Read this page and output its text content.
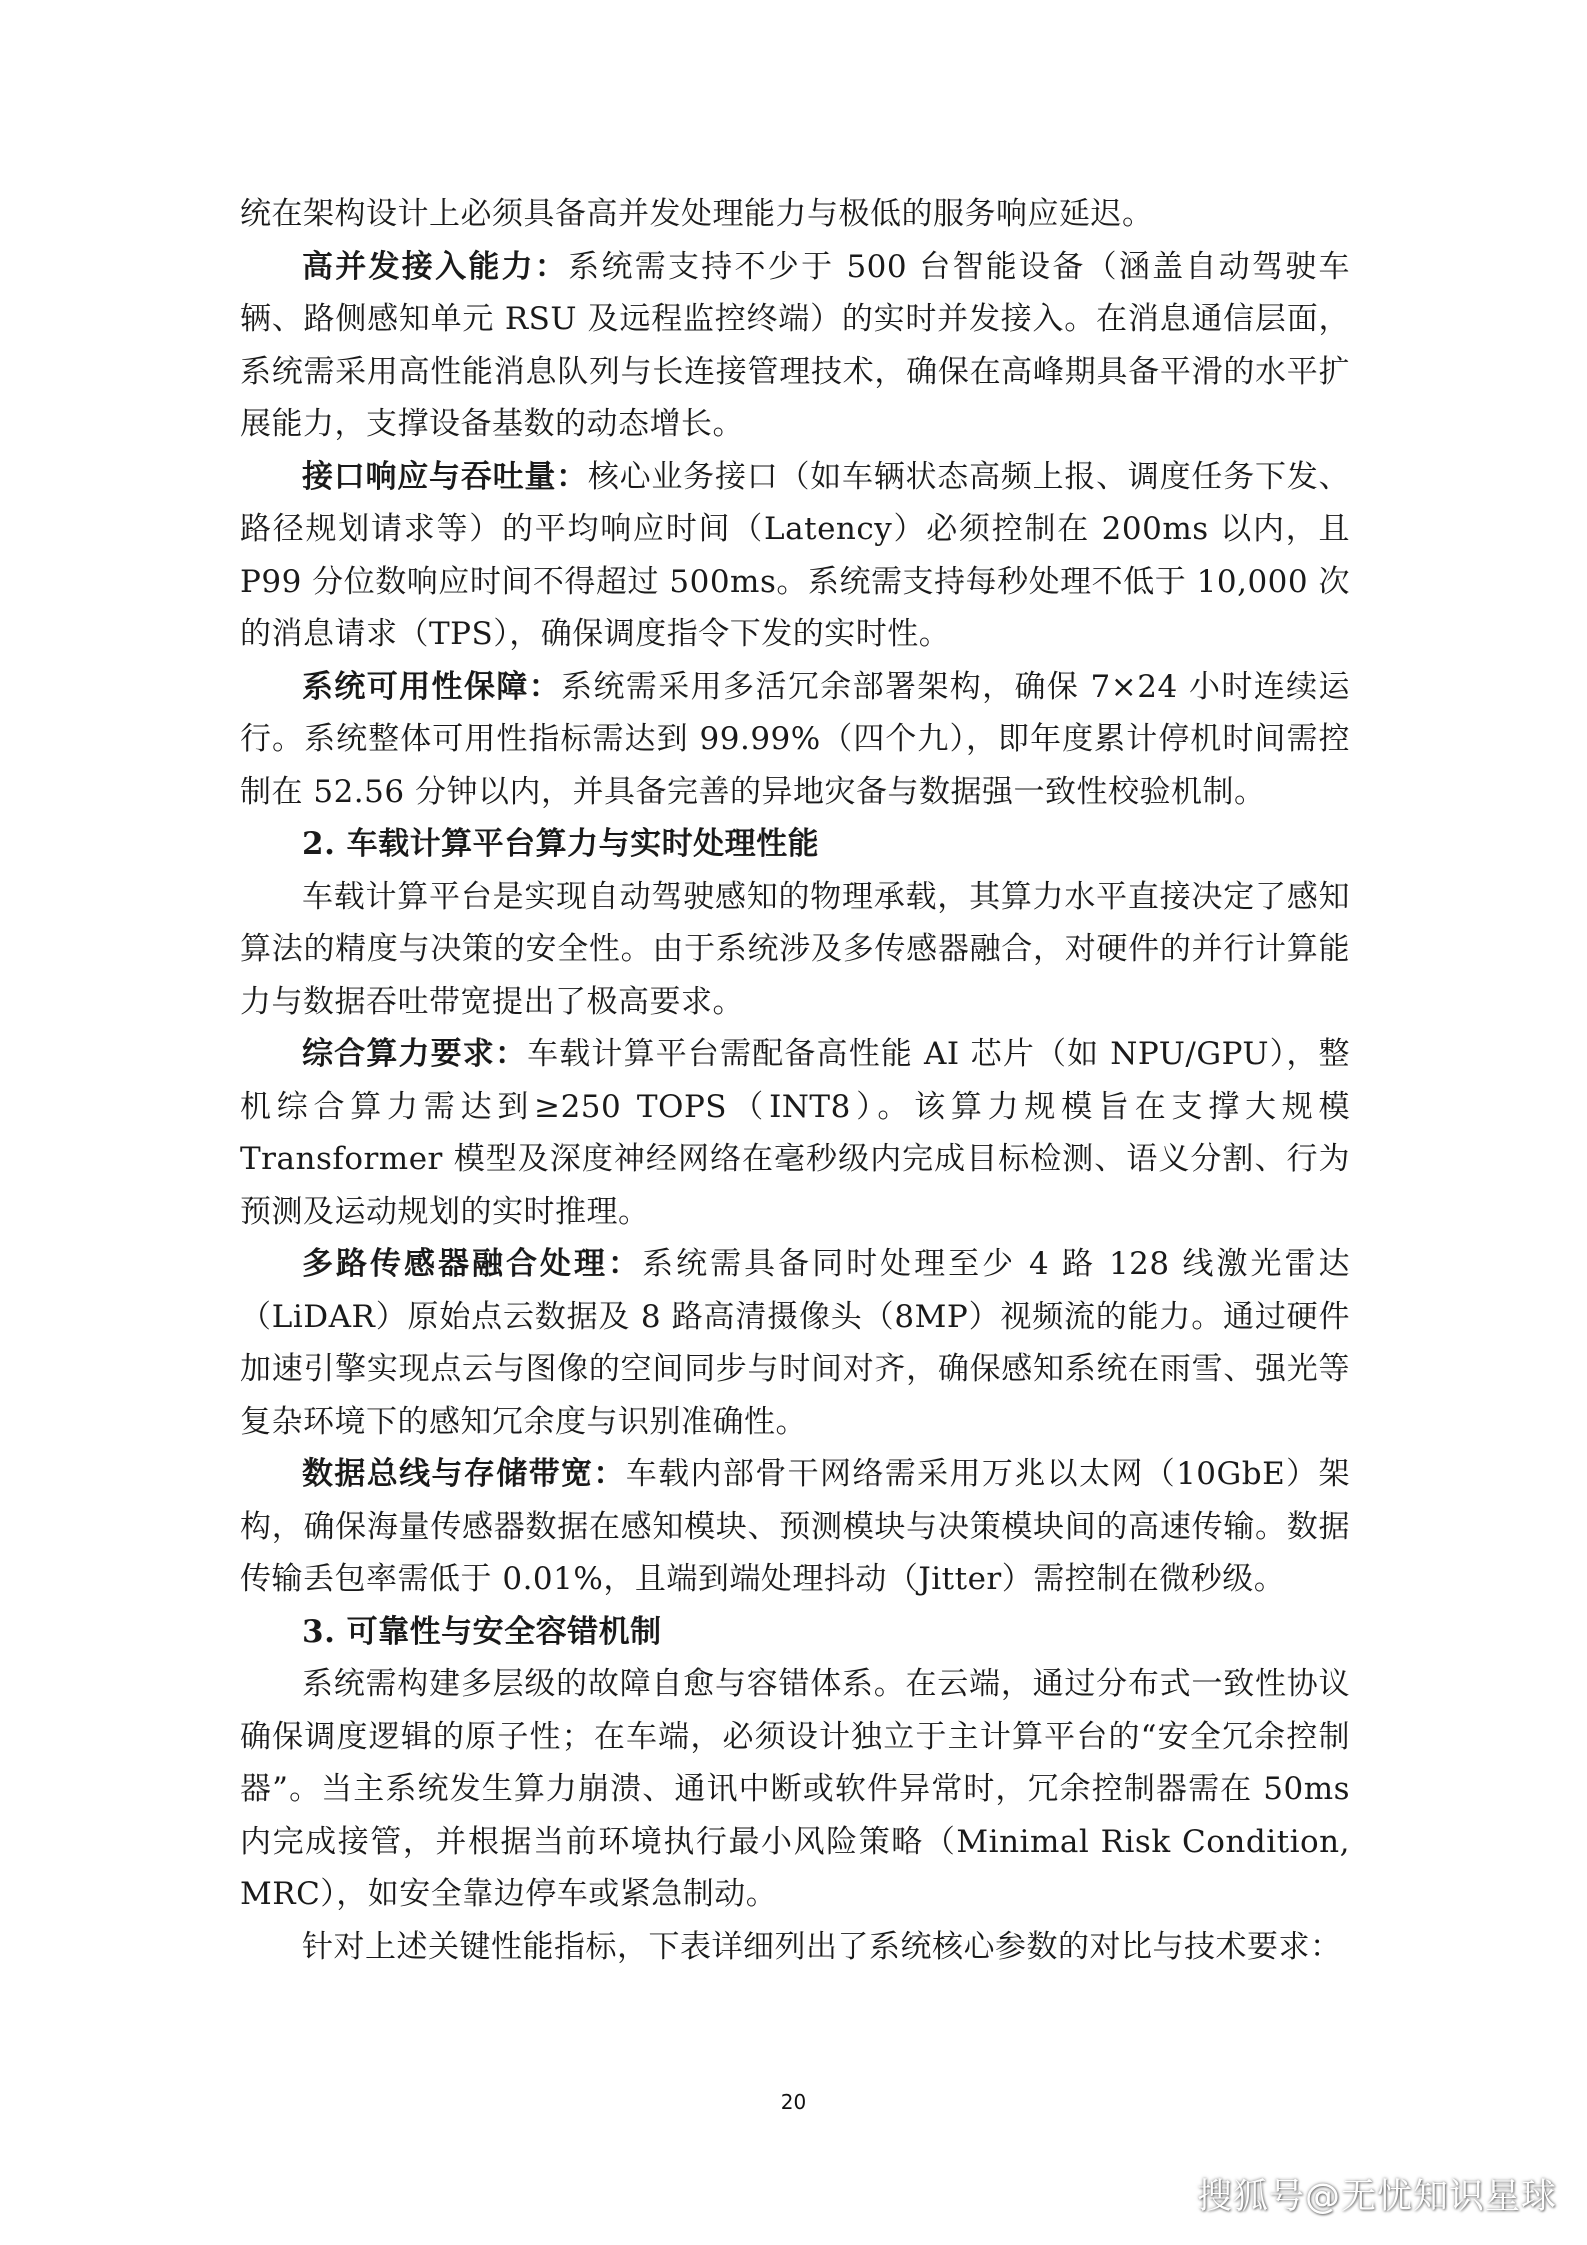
统在架构设计上必须具备高并发处理能力与极低的服务响应延迟。

高并发接入能力：系统需支持不少于 500 台智能设备（涵盖自动驾驶车辆、路侧感知单元 RSU 及远程监控终端）的实时并发接入。在消息通信层面，系统需采用高性能消息队列与长连接管理技术，确保在高峰期具备平滑的水平扩展能力，支撑设备基数的动态增长。

接口响应与吞吐量：核心业务接口（如车辆状态高频上报、调度任务下发、路径规划请求等）的平均响应时间（Latency）必须控制在 200ms 以内，且 P99 分位数响应时间不得超过 500ms。系统需支持每秒处理不低于 10,000 次的消息请求（TPS），确保调度指令下发的实时性。

系统可用性保障：系统需采用多活冗余部署架构，确保 7×24 小时连续运行。系统整体可用性指标需达到 99.99%（四个九），即年度累计停机时间需控制在 52.56 分钟以内，并具备完善的异地灾备与数据强一致性校验机制。

2. 车载计算平台算力与实时处理性能

车载计算平台是实现自动驾驶感知的物理承载，其算力水平直接决定了感知算法的精度与决策的安全性。由于系统涉及多传感器融合，对硬件的并行计算能力与数据吞吐带宽提出了极高要求。

综合算力要求：车载计算平台需配备高性能 AI 芯片（如 NPU/GPU），整机综合算力需达到≥250 TOPS（INT8）。该算力规模旨在支撑大规模 Transformer 模型及深度神经网络在毫秒级内完成目标检测、语义分割、行为预测及运动规划的实时推理。

多路传感器融合处理：系统需具备同时处理至少 4 路 128 线激光雷达（LiDAR）原始点云数据及 8 路高清摄像头（8MP）视频流的能力。通过硬件加速引擎实现点云与图像的空间同步与时间对齐，确保感知系统在雨雪、强光等复杂环境下的感知冗余度与识别准确性。

数据总线与存储带宽：车载内部骨干网络需采用万兆以太网（10GbE）架构，确保海量传感器数据在感知模块、预测模块与决策模块间的高速传输。数据传输丢包率需低于 0.01%，且端到端处理抖动（Jitter）需控制在微秒级。

3. 可靠性与安全容错机制

系统需构建多层级的故障自愈与容错体系。在云端，通过分布式一致性协议确保调度逻辑的原子性；在车端，必须设计独立于主计算平台的“安全冗余控制器”。当主系统发生算力崩溃、通讯中断或软件异常时，冗余控制器需在 50ms 内完成接管，并根据当前环境执行最小风险策略（Minimal Risk Condition, MRC），如安全靠边停车或紧急制动。

针对上述关键性能指标，下表详细列出了系统核心参数的对比与技术要求：

20
搜狐号@无忧知识星球
